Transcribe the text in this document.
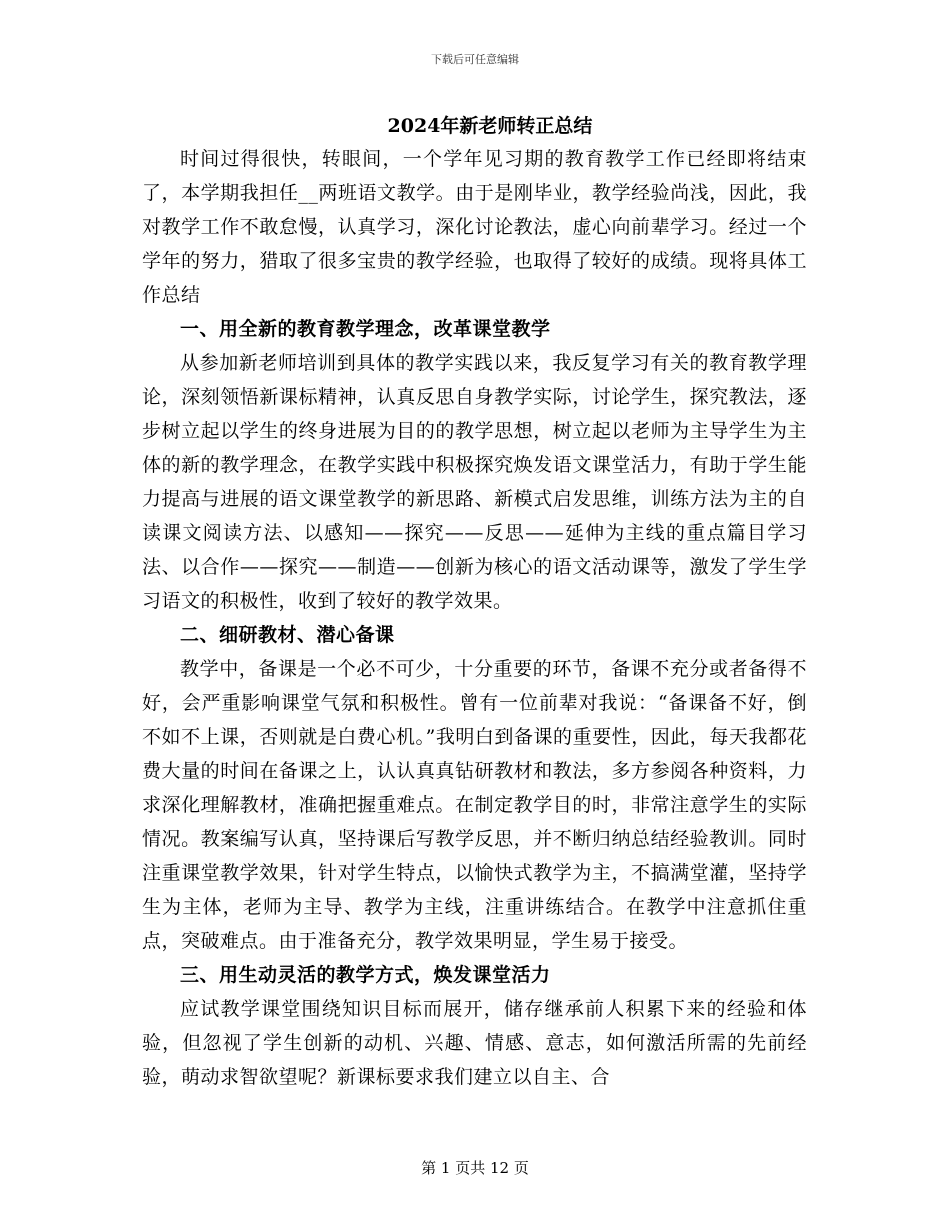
下载后可任意编辑
2024年新老师转正总结

时间过得很快，转眼间，一个学年见习期的教育教学工作已经即将结束了，本学期我担任__两班语文教学。由于是刚毕业，教学经验尚浅，因此，我对教学工作不敢怠慢，认真学习，深化讨论教法，虚心向前辈学习。经过一个学年的努力，猎取了很多宝贵的教学经验，也取得了较好的成绩。现将具体工作总结

一、用全新的教育教学理念，改革课堂教学

从参加新老师培训到具体的教学实践以来，我反复学习有关的教育教学理论，深刻领悟新课标精神，认真反思自身教学实际，讨论学生，探究教法，逐步树立起以学生的终身进展为目的的教学思想，树立起以老师为主导学生为主体的新的教学理念，在教学实践中积极探究焕发语文课堂活力，有助于学生能力提高与进展的语文课堂教学的新思路、新模式启发思维，训练方法为主的自读课文阅读方法、以感知——探究——反思——延伸为主线的重点篇目学习法、以合作——探究——制造——创新为核心的语文活动课等，激发了学生学习语文的积极性，收到了较好的教学效果。

二、细研教材、潜心备课

教学中，备课是一个必不可少，十分重要的环节，备课不充分或者备得不好，会严重影响课堂气氛和积极性。曾有一位前辈对我说：“备课备不好，倒不如不上课，否则就是白费心机。”我明白到备课的重要性，因此，每天我都花费大量的时间在备课之上，认认真真钻研教材和教法，多方参阅各种资料，力求深化理解教材，准确把握重难点。在制定教学目的时，非常注意学生的实际情况。教案编写认真，坚持课后写教学反思，并不断归纳总结经验教训。同时注重课堂教学效果，针对学生特点，以愉快式教学为主，不搞满堂灌，坚持学生为主体，老师为主导、教学为主线，注重讲练结合。在教学中注意抓住重点，突破难点。由于准备充分，教学效果明显，学生易于接受。

三、用生动灵活的教学方式，焕发课堂活力

应试教学课堂围绕知识目标而展开，储存继承前人积累下来的经验和体验，但忽视了学生创新的动机、兴趣、情感、意志，如何激活所需的先前经验，萌动求智欲望呢？新课标要求我们建立以自主、合

第 1 页共 12 页
